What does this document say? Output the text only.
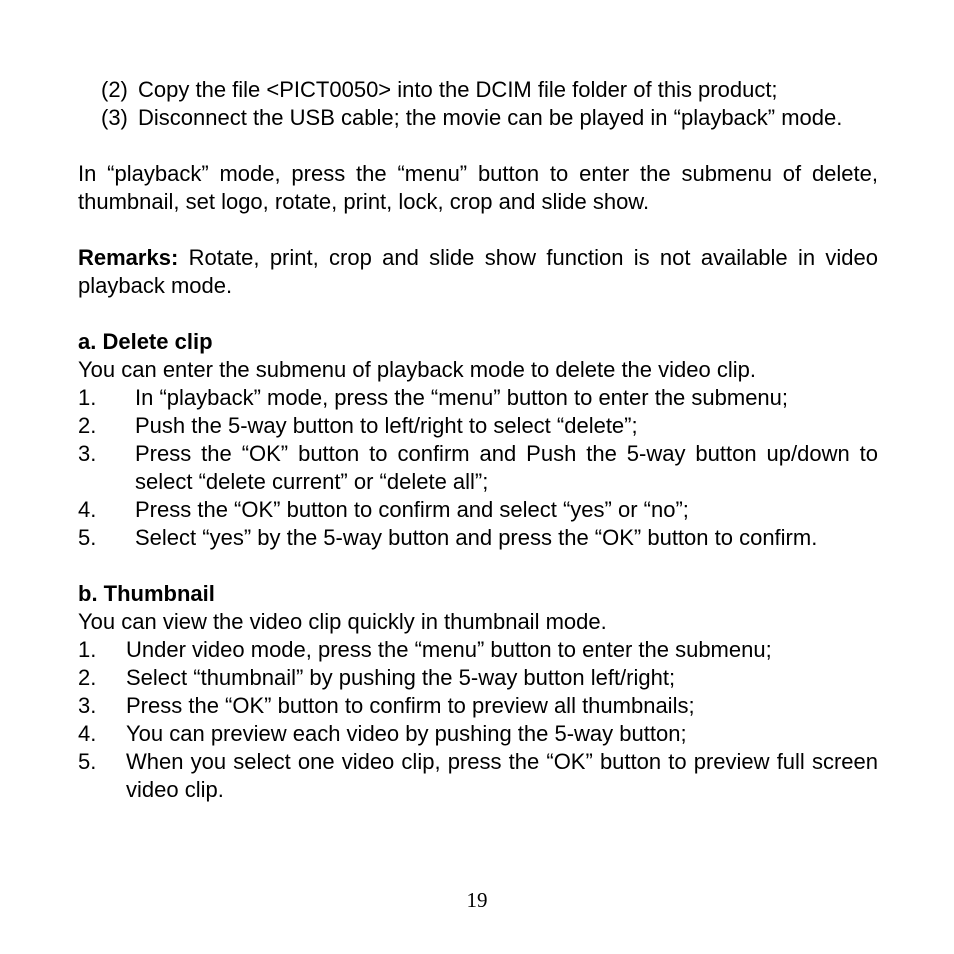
(2) Copy the file <PICT0050> into the DCIM file folder of this product;
(3) Disconnect the USB cable; the movie can be played in “playback” mode.

In “playback” mode, press the “menu” button to enter the submenu of delete, thumbnail, set logo, rotate, print, lock, crop and slide show.

Remarks: Rotate, print, crop and slide show function is not available in video playback mode.

a. Delete clip

You can enter the submenu of playback mode to delete the video clip.

1.	In “playback” mode, press the “menu” button to enter the submenu;
2.	Push the 5-way button to left/right to select “delete”;
3.	Press the “OK” button to confirm and Push the 5-way button up/down to select “delete current” or “delete all”;
4.	Press the “OK” button to confirm and select “yes” or “no”;
5.	Select “yes” by the 5-way button and press the “OK” button to confirm.
b. Thumbnail

You can view the video clip quickly in thumbnail mode.

1.	Under video mode, press the “menu” button to enter the submenu;
2.	Select “thumbnail” by pushing the 5-way button left/right;
3.	Press the “OK” button to confirm to preview all thumbnails;
4.	You can preview each video by pushing the 5-way button;
5.	When you select one video clip, press the “OK” button to preview full screen video clip.
19
